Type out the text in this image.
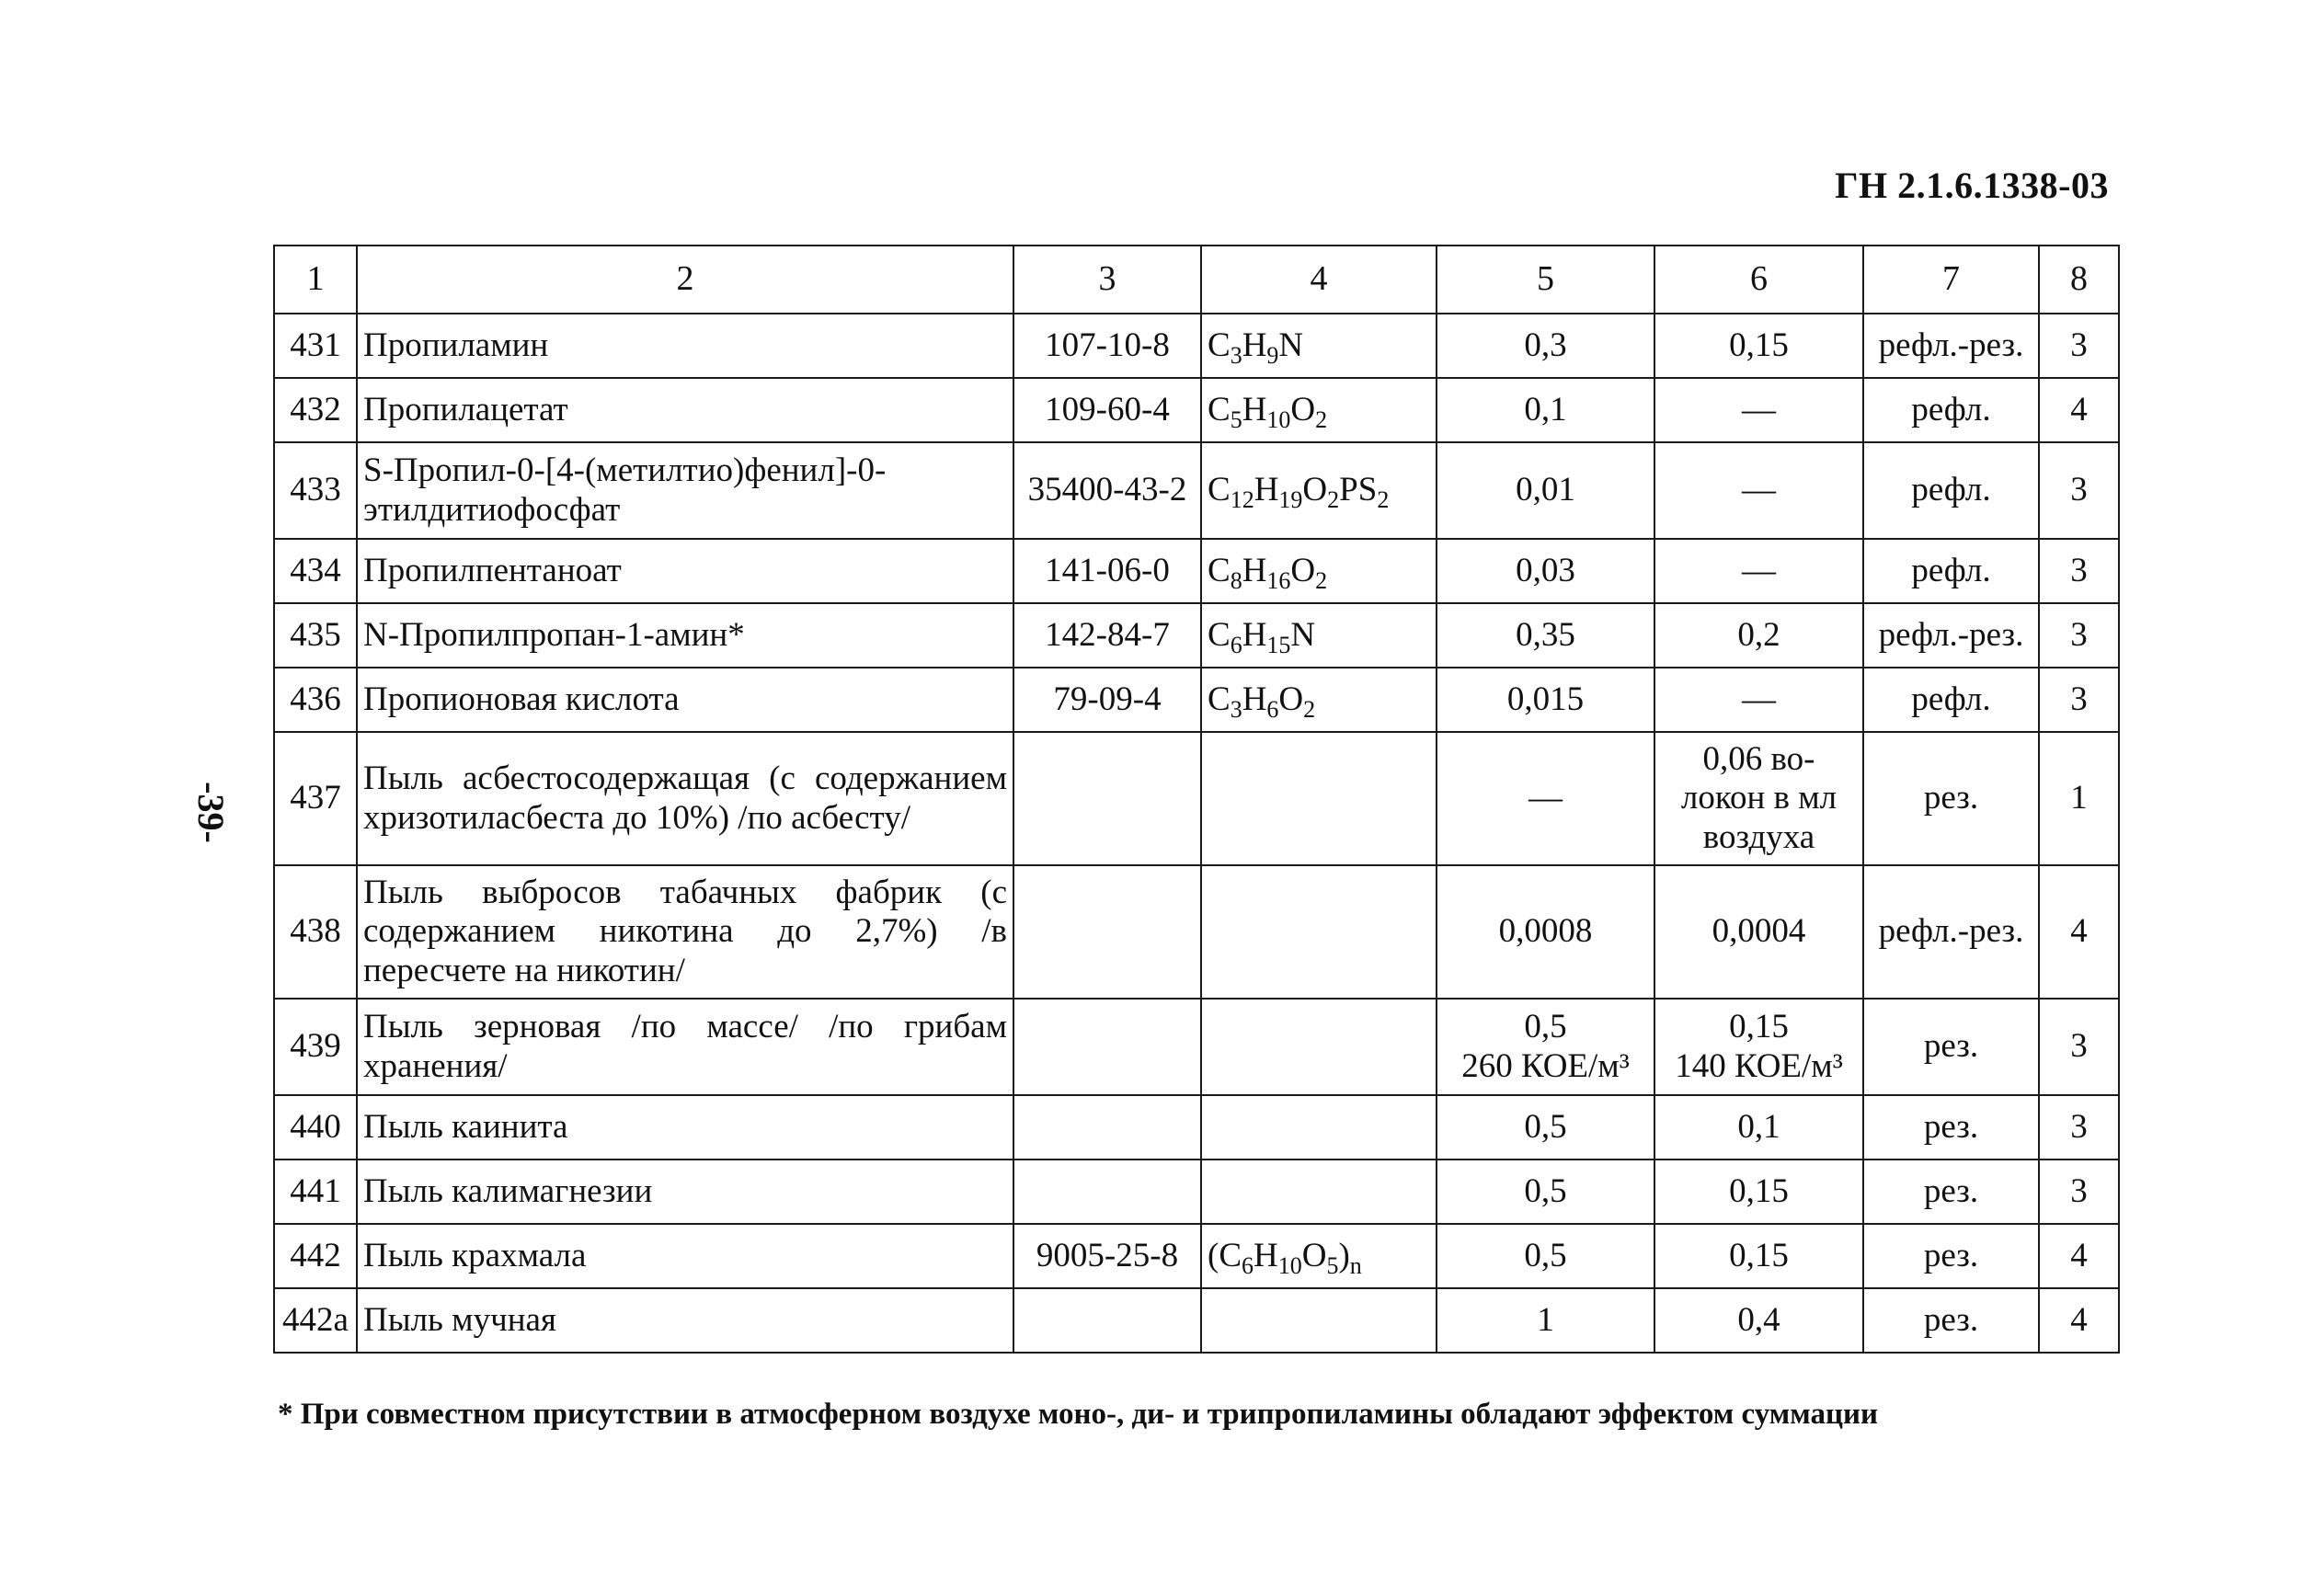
ГН 2.1.6.1338-03
-39-
1	2	3	4	5	6	7	8
431	Пропиламин	107-10-8	$C_3H_9N$	0,3	0,15	рефл.-рез.	3
432	Пропилацетат	109-60-4	$C_5H_{10}O_2$	0,1	—	рефл.	4
433	S-Пропил-0-[4-(метилтио)фенил]-0-этилдитиофосфат	35400-43-2	$C_{12}H_{19}O_2PS_2$	0,01	—	рефл.	3
434	Пропилпентаноат	141-06-0	$C_8H_{16}O_2$	0,03	—	рефл.	3
435	N-Пропилпропан-1-амин*	142-84-7	$C_6H_{15}N$	0,35	0,2	рефл.-рез.	3
436	Пропионовая кислота	79-09-4	$C_3H_6O_2$	0,015	—	рефл.	3
437	Пыль асбестосодержащая (с содержанием хризотиласбеста до 10%) /по асбесту/			—	0,06 во-
локон в мл
воздуха	рез.	1
438	Пыль выбросов табачных фабрик (с содержанием никотина до 2,7%) /в пересчете на никотин/			0,0008	0,0004	рефл.-рез.	4
439	Пыль зерновая /по массе/ /по грибам хранения/			0,5
260 КОЕ/м³	0,15
140 КОЕ/м³	рез.	3
440	Пыль каинита			0,5	0,1	рез.	3
441	Пыль калимагнезии			0,5	0,15	рез.	3
442	Пыль крахмала	9005-25-8	$(C_6H_{10}O_5)_n$	0,5	0,15	рез.	4
442а	Пыль мучная			1	0,4	рез.	4
* При совместном присутствии в атмосферном воздухе моно-, ди- и трипропиламины обладают эффектом суммации
